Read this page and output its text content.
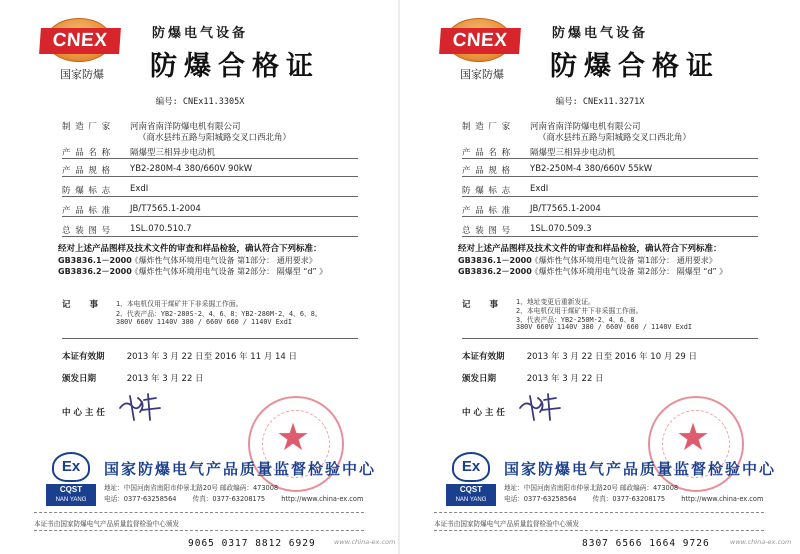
CNEX
国家防爆
防爆电气设备
防爆合格证
编号: CNEx11.3305X
制 造 厂 家	河南省南洋防爆电机有限公司
（商水县纬五路与阳城路交叉口西北角）
产 品 名 称	隔爆型三相异步电动机
产 品 规 格	YB2-280M-4 380/660V 90kW
防 爆 标 志	ExdI
产 品 标 准	JB/T7565.1-2004
总 装 图 号	1SL.070.510.7
经对上述产品图样及技术文件的审查和样品检验，确认符合下列标准：
GB3836.1－2000 《爆炸性气体环境用电气设备 第1部分： 通用要求》
GB3836.2－2000 《爆炸性气体环境用电气设备 第2部分： 隔爆型 “d” 》
记 事 1、本电机仅用于煤矿井下非采掘工作面。
2、代表产品：YB2-280S-2、4、6、8；YB2-280M-2、4、6、8。
380V 660V 1140V 380 / 660V 660 / 1140V ExdI
本证有效期	2013 年 3 月 22 日至 2016 年 11 月 14 日
颁发日期	2013 年 3 月 22 日
中 心 主 任
★
Ex
CQST
NAN YANG
国家防爆电气产品质量监督检验中心
地址：中国河南省南阳市仲景北路20号 邮政编码：473008
电话：0377-63258564 传真：0377-63208175 http://www.china-ex.com
本证书由国家防爆电气产品质量监督检验中心颁发
9065 0317 8812 6929	www.china-ex.com
CNEX
国家防爆
防爆电气设备
防爆合格证
编号: CNEx11.3271X
制 造 厂 家	河南省南洋防爆电机有限公司
（商水县纬五路与阳城路交叉口西北角）
产 品 名 称	隔爆型三相异步电动机
产 品 规 格	YB2-250M-4 380/660V 55kW
防 爆 标 志	ExdI
产 品 标 准	JB/T7565.1-2004
总 装 图 号	1SL.070.509.3
经对上述产品图样及技术文件的审查和样品检验，确认符合下列标准：
GB3836.1－2000 《爆炸性气体环境用电气设备 第1部分： 通用要求》
GB3836.2－2000 《爆炸性气体环境用电气设备 第2部分： 隔爆型 “d” 》
记 事 1、地址变更后重新发证。
2、本电机仅用于煤矿井下非采掘工作面。
3、代表产品：YB2-250M-2、4、6、8
380V 660V 1140V 380 / 660V 660 / 1140V ExdI
本证有效期	2013 年 3 月 22 日至 2016 年 10 月 29 日
颁发日期	2013 年 3 月 22 日
中 心 主 任
★
Ex
CQST
NAN YANG
国家防爆电气产品质量监督检验中心
地址：中国河南省南阳市仲景北路20号 邮政编码：473008
电话：0377-63258564 传真：0377-63208175 http://www.china-ex.com
本证书由国家防爆电气产品质量监督检验中心颁发
8307 6566 1664 9726	www.china-ex.com
